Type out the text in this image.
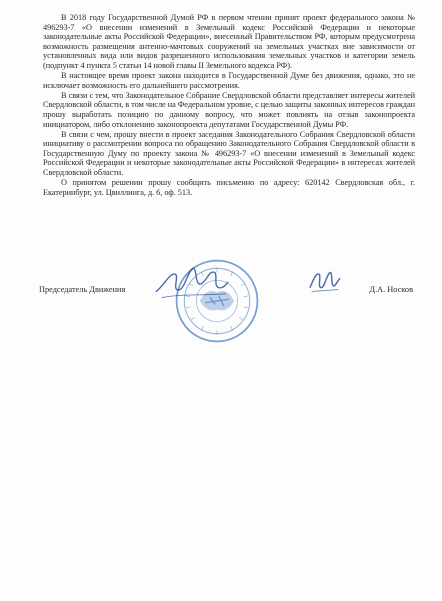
В 2018 году Государственной Думой РФ в первом чтении принят проект федерального закона № 496293-7 «О внесении изменений в Земельный кодекс Российской Федерации и некоторые законодательные акты Российской Федерации», внесенный Правительством РФ, которым предусмотрена возможность размещения антенно-мачтовых сооружений на земельных участках вне зависимости от установленных вида или видов разрешенного использования земельных участков и категории земель (подпункт 4 пункта 5 статьи 14 новой главы II Земельного кодекса РФ).

В настоящее время проект закона находится в Государственной Думе без движения, однако, это не исключает возможность его дальнейшего рассмотрения.

В связи с тем, что Законодательное Собрание Свердловской области представляет интересы жителей Свердловской области, в том числе на Федеральном уровне, с целью защиты законных интересов граждан прошу выработать позицию по данному вопросу, что может повлиять на отзыв законопроекта инициатором, либо отклонению законопроекта депутатами Государственной Думы РФ.

В связи с чем, прошу внести в проект заседания Законодательного Собрания Свердловской области инициативу о рассмотрении вопроса по обращению Законодательного Собрания Свердловской области в Государственную Думу по проекту закона № 496293-7 «О внесении изменений в Земельный кодекс Российской Федерации и некоторые законодательные акты Российской Федерации» в интересах жителей Свердловской области.

О принятом решении прошу сообщить письменно по адресу: 620142 Свердловская обл., г. Екатеринбург, ул. Цвиллинга, д. 6, оф. 513.

Председатель Движения	Д.А. Носков
